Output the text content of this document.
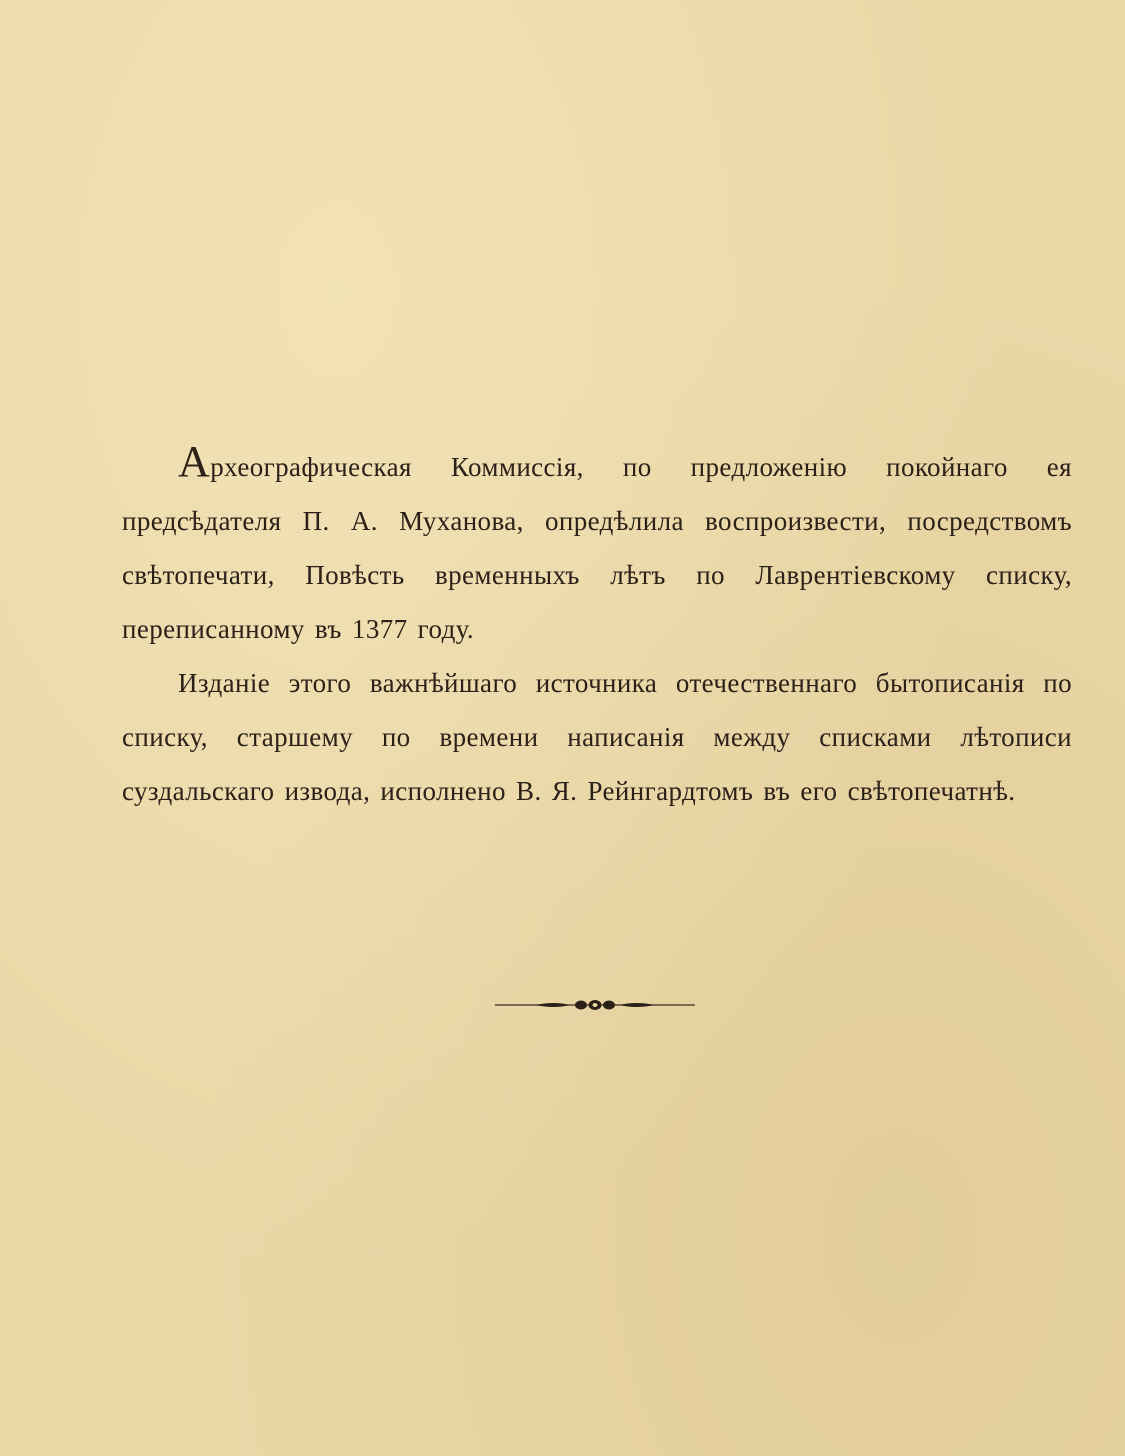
Археографическая Коммиссія, по предложенію покойнаго ея предсѣдателя П. А. Муханова, опредѣлила воспроизвести, посредствомъ свѣтопечати, Повѣсть временныхъ лѣтъ по Лаврентіевскому списку, переписанному въ 1377 году.

Изданіе этого важнѣйшаго источника отечественнаго бытописанія по списку, старшему по времени написанія между списками лѣтописи суздальскаго извода, исполнено В. Я. Рейнгардтомъ въ его свѣтопечатнѣ.
